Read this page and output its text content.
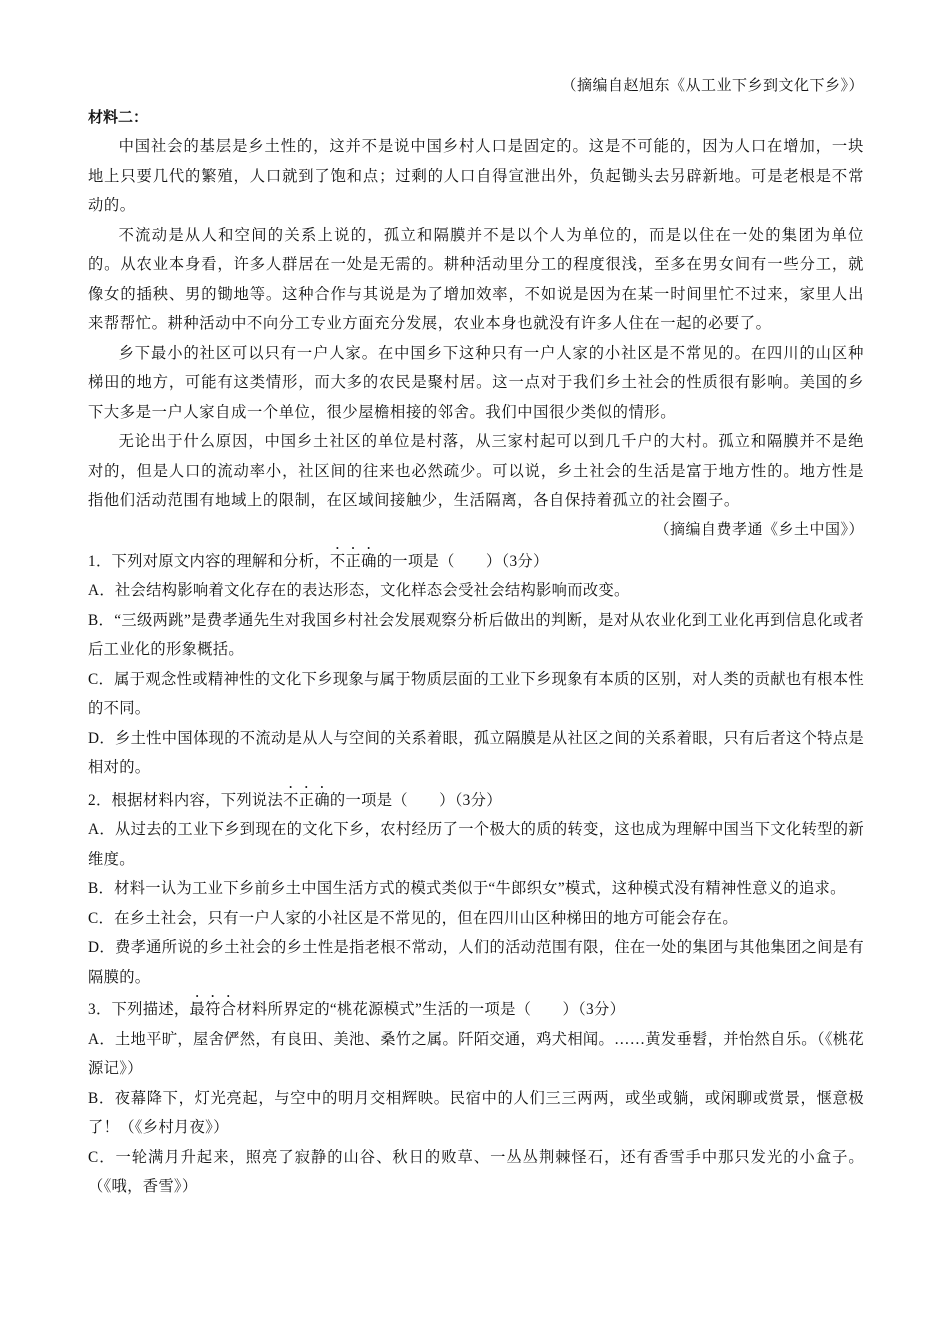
（摘编自赵旭东《从工业下乡到文化下乡》）
材料二：

中国社会的基层是乡土性的，这并不是说中国乡村人口是固定的。这是不可能的，因为人口在增加，一块地上只要几代的繁殖，人口就到了饱和点；过剩的人口自得宣泄出外，负起锄头去另辟新地。可是老根是不常动的。

不流动是从人和空间的关系上说的，孤立和隔膜并不是以个人为单位的，而是以住在一处的集团为单位的。从农业本身看，许多人群居在一处是无需的。耕种活动里分工的程度很浅，至多在男女间有一些分工，就像女的插秧、男的锄地等。这种合作与其说是为了增加效率，不如说是因为在某一时间里忙不过来，家里人出来帮帮忙。耕种活动中不向分工专业方面充分发展，农业本身也就没有许多人住在一起的必要了。

乡下最小的社区可以只有一户人家。在中国乡下这种只有一户人家的小社区是不常见的。在四川的山区种梯田的地方，可能有这类情形，而大多的农民是聚村居。这一点对于我们乡土社会的性质很有影响。美国的乡下大多是一户人家自成一个单位，很少屋檐相接的邻舍。我们中国很少类似的情形。

无论出于什么原因，中国乡土社区的单位是村落，从三家村起可以到几千户的大村。孤立和隔膜并不是绝对的，但是人口的流动率小，社区间的往来也必然疏少。可以说，乡土社会的生活是富于地方性的。地方性是指他们活动范围有地域上的限制，在区域间接触少，生活隔离，各自保持着孤立的社会圈子。

（摘编自费孝通《乡土中国》）

1．下列对原文内容的理解和分析，不正确的一项是（　　 ）（3分）

A．社会结构影响着文化存在的表达形态，文化样态会受社会结构影响而改变。

B．“三级两跳”是费孝通先生对我国乡村社会发展观察分析后做出的判断，是对从农业化到工业化再到信息化或者后工业化的形象概括。

C．属于观念性或精神性的文化下乡现象与属于物质层面的工业下乡现象有本质的区别，对人类的贡献也有根本性的不同。

D．乡土性中国体现的不流动是从人与空间的关系着眼，孤立隔膜是从社区之间的关系着眼，只有后者这个特点是相对的。

2．根据材料内容，下列说法不正确的一项是（　　 ）（3分）

A．从过去的工业下乡到现在的文化下乡，农村经历了一个极大的质的转变，这也成为理解中国当下文化转型的新维度。

B．材料一认为工业下乡前乡土中国生活方式的模式类似于“牛郎织女”模式，这种模式没有精神性意义的追求。

C．在乡土社会，只有一户人家的小社区是不常见的，但在四川山区种梯田的地方可能会存在。

D．费孝通所说的乡土社会的乡土性是指老根不常动，人们的活动范围有限，住在一处的集团与其他集团之间是有隔膜的。

3．下列描述，最符合材料所界定的“桃花源模式”生活的一项是（　　 ）（3分）

A．土地平旷，屋舍俨然，有良田、美池、桑竹之属。阡陌交通，鸡犬相闻。……黄发垂髫，并怡然自乐。（《桃花源记》）

B．夜幕降下，灯光亮起，与空中的明月交相辉映。民宿中的人们三三两两，或坐或躺，或闲聊或赏景，惬意极了！（《乡村月夜》）

C．一轮满月升起来，照亮了寂静的山谷、秋日的败草、一丛丛荆棘怪石，还有香雪手中那只发光的小盒子。（《哦，香雪》）
